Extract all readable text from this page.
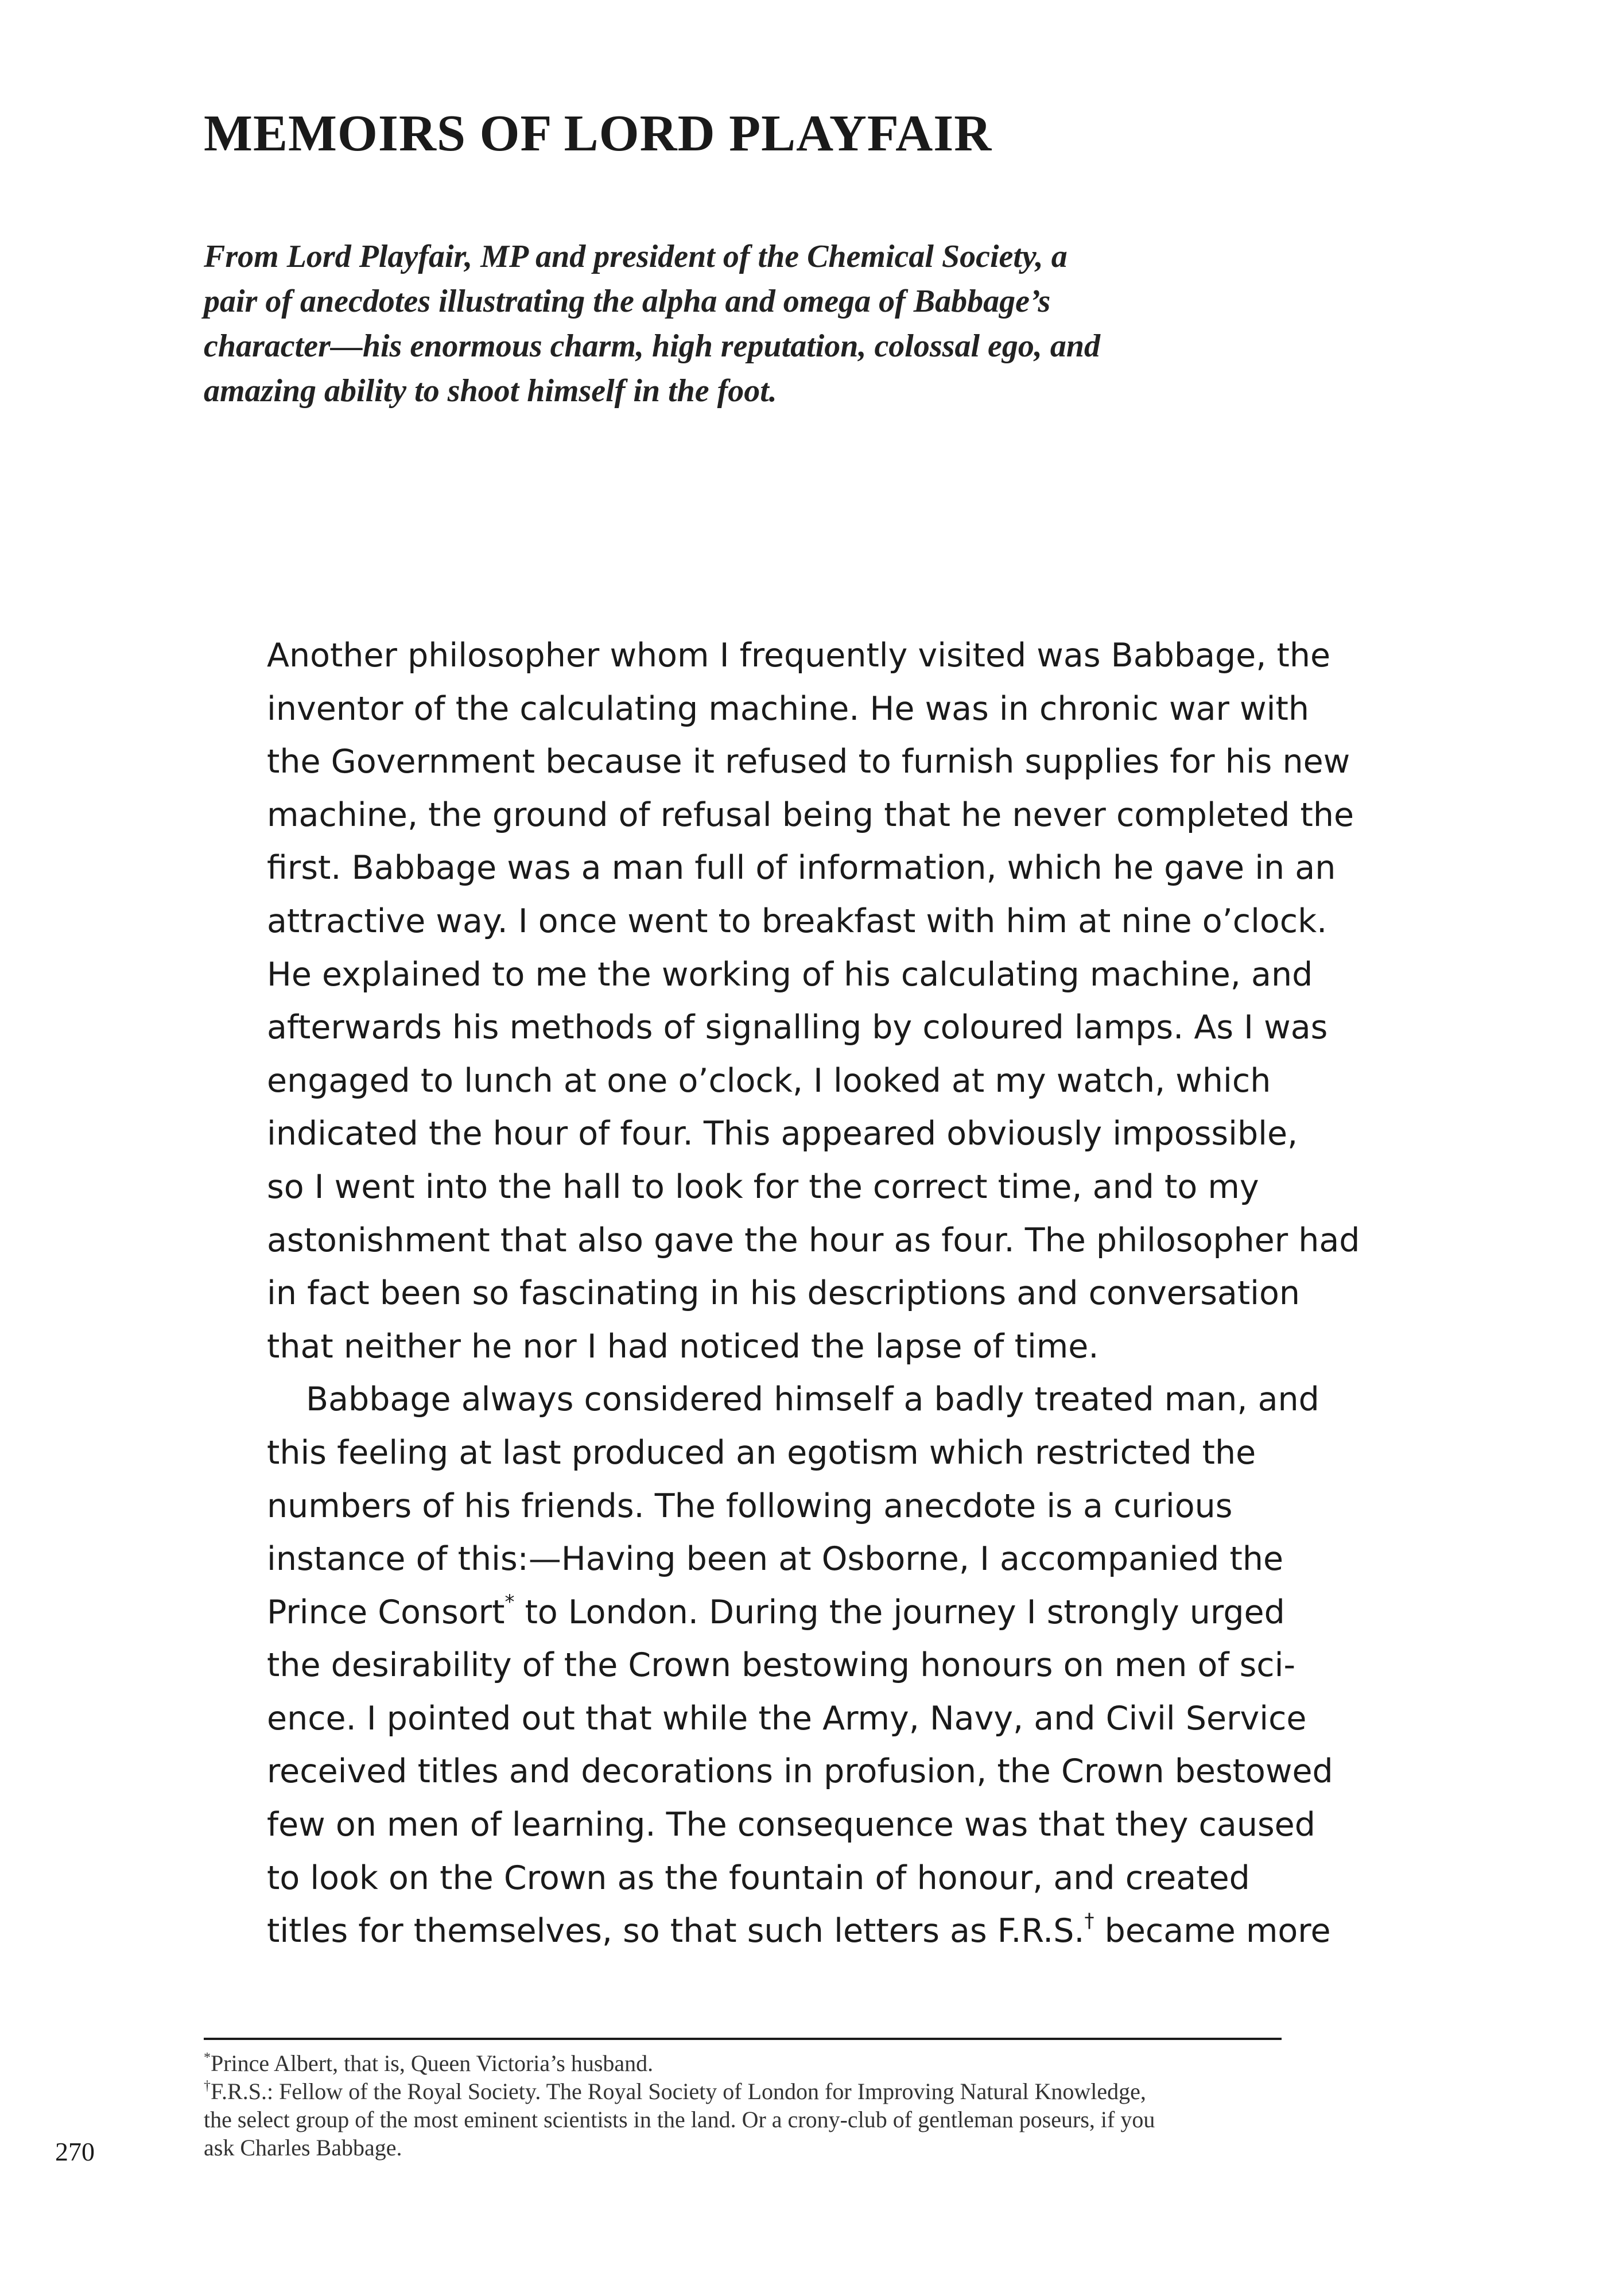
MEMOIRS OF LORD PLAYFAIR
From Lord Playfair, MP and president of the Chemical Society, a
pair of anecdotes illustrating the alpha and omega of Babbage’s
character—his enormous charm, high reputation, colossal ego, and
amazing ability to shoot himself in the foot.
Another philosopher whom I frequently visited was Babbage, the
inventor of the calculating machine. He was in chronic war with
the Government because it refused to furnish supplies for his new
machine, the ground of refusal being that he never completed the
first. Babbage was a man full of information, which he gave in an
attractive way. I once went to breakfast with him at nine o’clock.
He explained to me the working of his calculating machine, and
afterwards his methods of signalling by coloured lamps. As I was
engaged to lunch at one o’clock, I looked at my watch, which
indicated the hour of four. This appeared obviously impossible,
so I went into the hall to look for the correct time, and to my
astonishment that also gave the hour as four. The philosopher had
in fact been so fascinating in his descriptions and conversation
that neither he nor I had noticed the lapse of time.
Babbage always considered himself a badly treated man, and
this feeling at last produced an egotism which restricted the
numbers of his friends. The following anecdote is a curious
instance of this:—Having been at Osborne, I accompanied the
Prince Consort* to London. During the journey I strongly urged
the desirability of the Crown bestowing honours on men of sci-
ence. I pointed out that while the Army, Navy, and Civil Service
received titles and decorations in profusion, the Crown bestowed
few on men of learning. The consequence was that they caused
to look on the Crown as the fountain of honour, and created
titles for themselves, so that such letters as F.R.S.† became more
*Prince Albert, that is, Queen Victoria’s husband.
†F.R.S.: Fellow of the Royal Society. The Royal Society of London for Improving Natural Knowledge,
the select group of the most eminent scientists in the land. Or a crony-club of gentleman poseurs, if you
ask Charles Babbage.
270
